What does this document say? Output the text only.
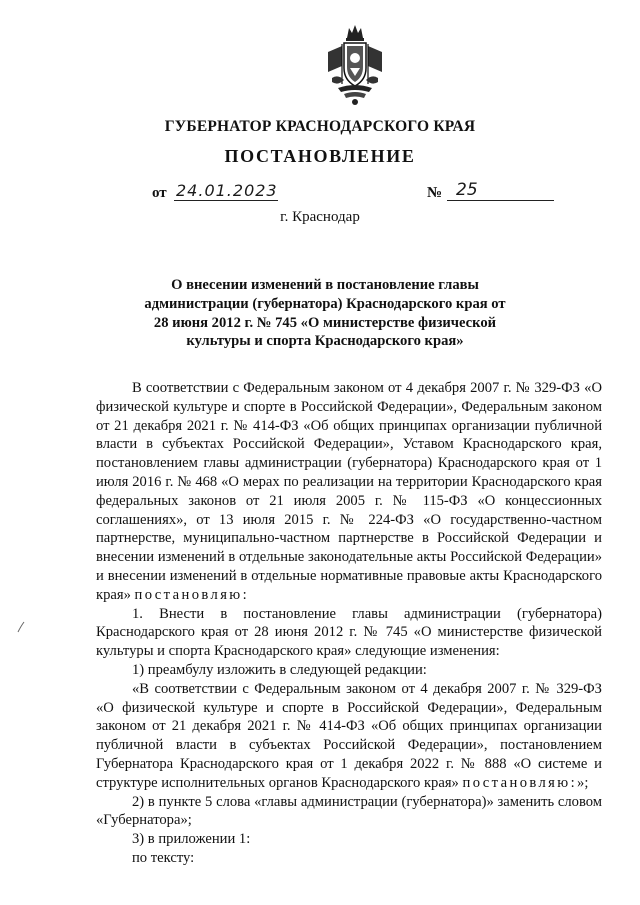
ГУБЕРНАТОР КРАСНОДАРСКОГО КРАЯ
ПОСТАНОВЛЕНИЕ
от 24.01.2023	№ 25
г. Краснодар
О внесении изменений в постановление главы администрации (губернатора) Краснодарского края от 28 июня 2012 г. № 745 «О министерстве физической культуры и спорта Краснодарского края»

В соответствии с Федеральным законом от 4 декабря 2007 г. № 329-ФЗ «О физической культуре и спорте в Российской Федерации», Федеральным законом от 21 декабря 2021 г. № 414-ФЗ «Об общих принципах организации публичной власти в субъектах Российской Федерации», Уставом Краснодарского края, постановлением главы администрации (губернатора) Краснодарского края от 1 июля 2016 г. № 468 «О мерах по реализации на территории Краснодарского края федеральных законов от 21 июля 2005 г. № 115-ФЗ «О концессионных соглашениях», от 13 июля 2015 г. № 224-ФЗ «О государственно-частном партнерстве, муниципально-частном партнерстве в Российской Федерации и внесении изменений в отдельные законодательные акты Российской Федерации» и внесении изменений в отдельные нормативные правовые акты Краснодарского края» постановляю:

1. Внести в постановление главы администрации (губернатора) Краснодарского края от 28 июня 2012 г. № 745 «О министерстве физической культуры и спорта Краснодарского края» следующие изменения:

1) преамбулу изложить в следующей редакции:

«В соответствии с Федеральным законом от 4 декабря 2007 г. № 329-ФЗ «О физической культуре и спорте в Российской Федерации», Федеральным законом от 21 декабря 2021 г. № 414-ФЗ «Об общих принципах организации публичной власти в субъектах Российской Федерации», постановлением Губернатора Краснодарского края от 1 декабря 2022 г. № 888 «О системе и структуре исполнительных органов Краснодарского края» постановляю:»;

2) в пункте 5 слова «главы администрации (губернатора)» заменить словом «Губернатора»;

3) в приложении 1:

по тексту:
